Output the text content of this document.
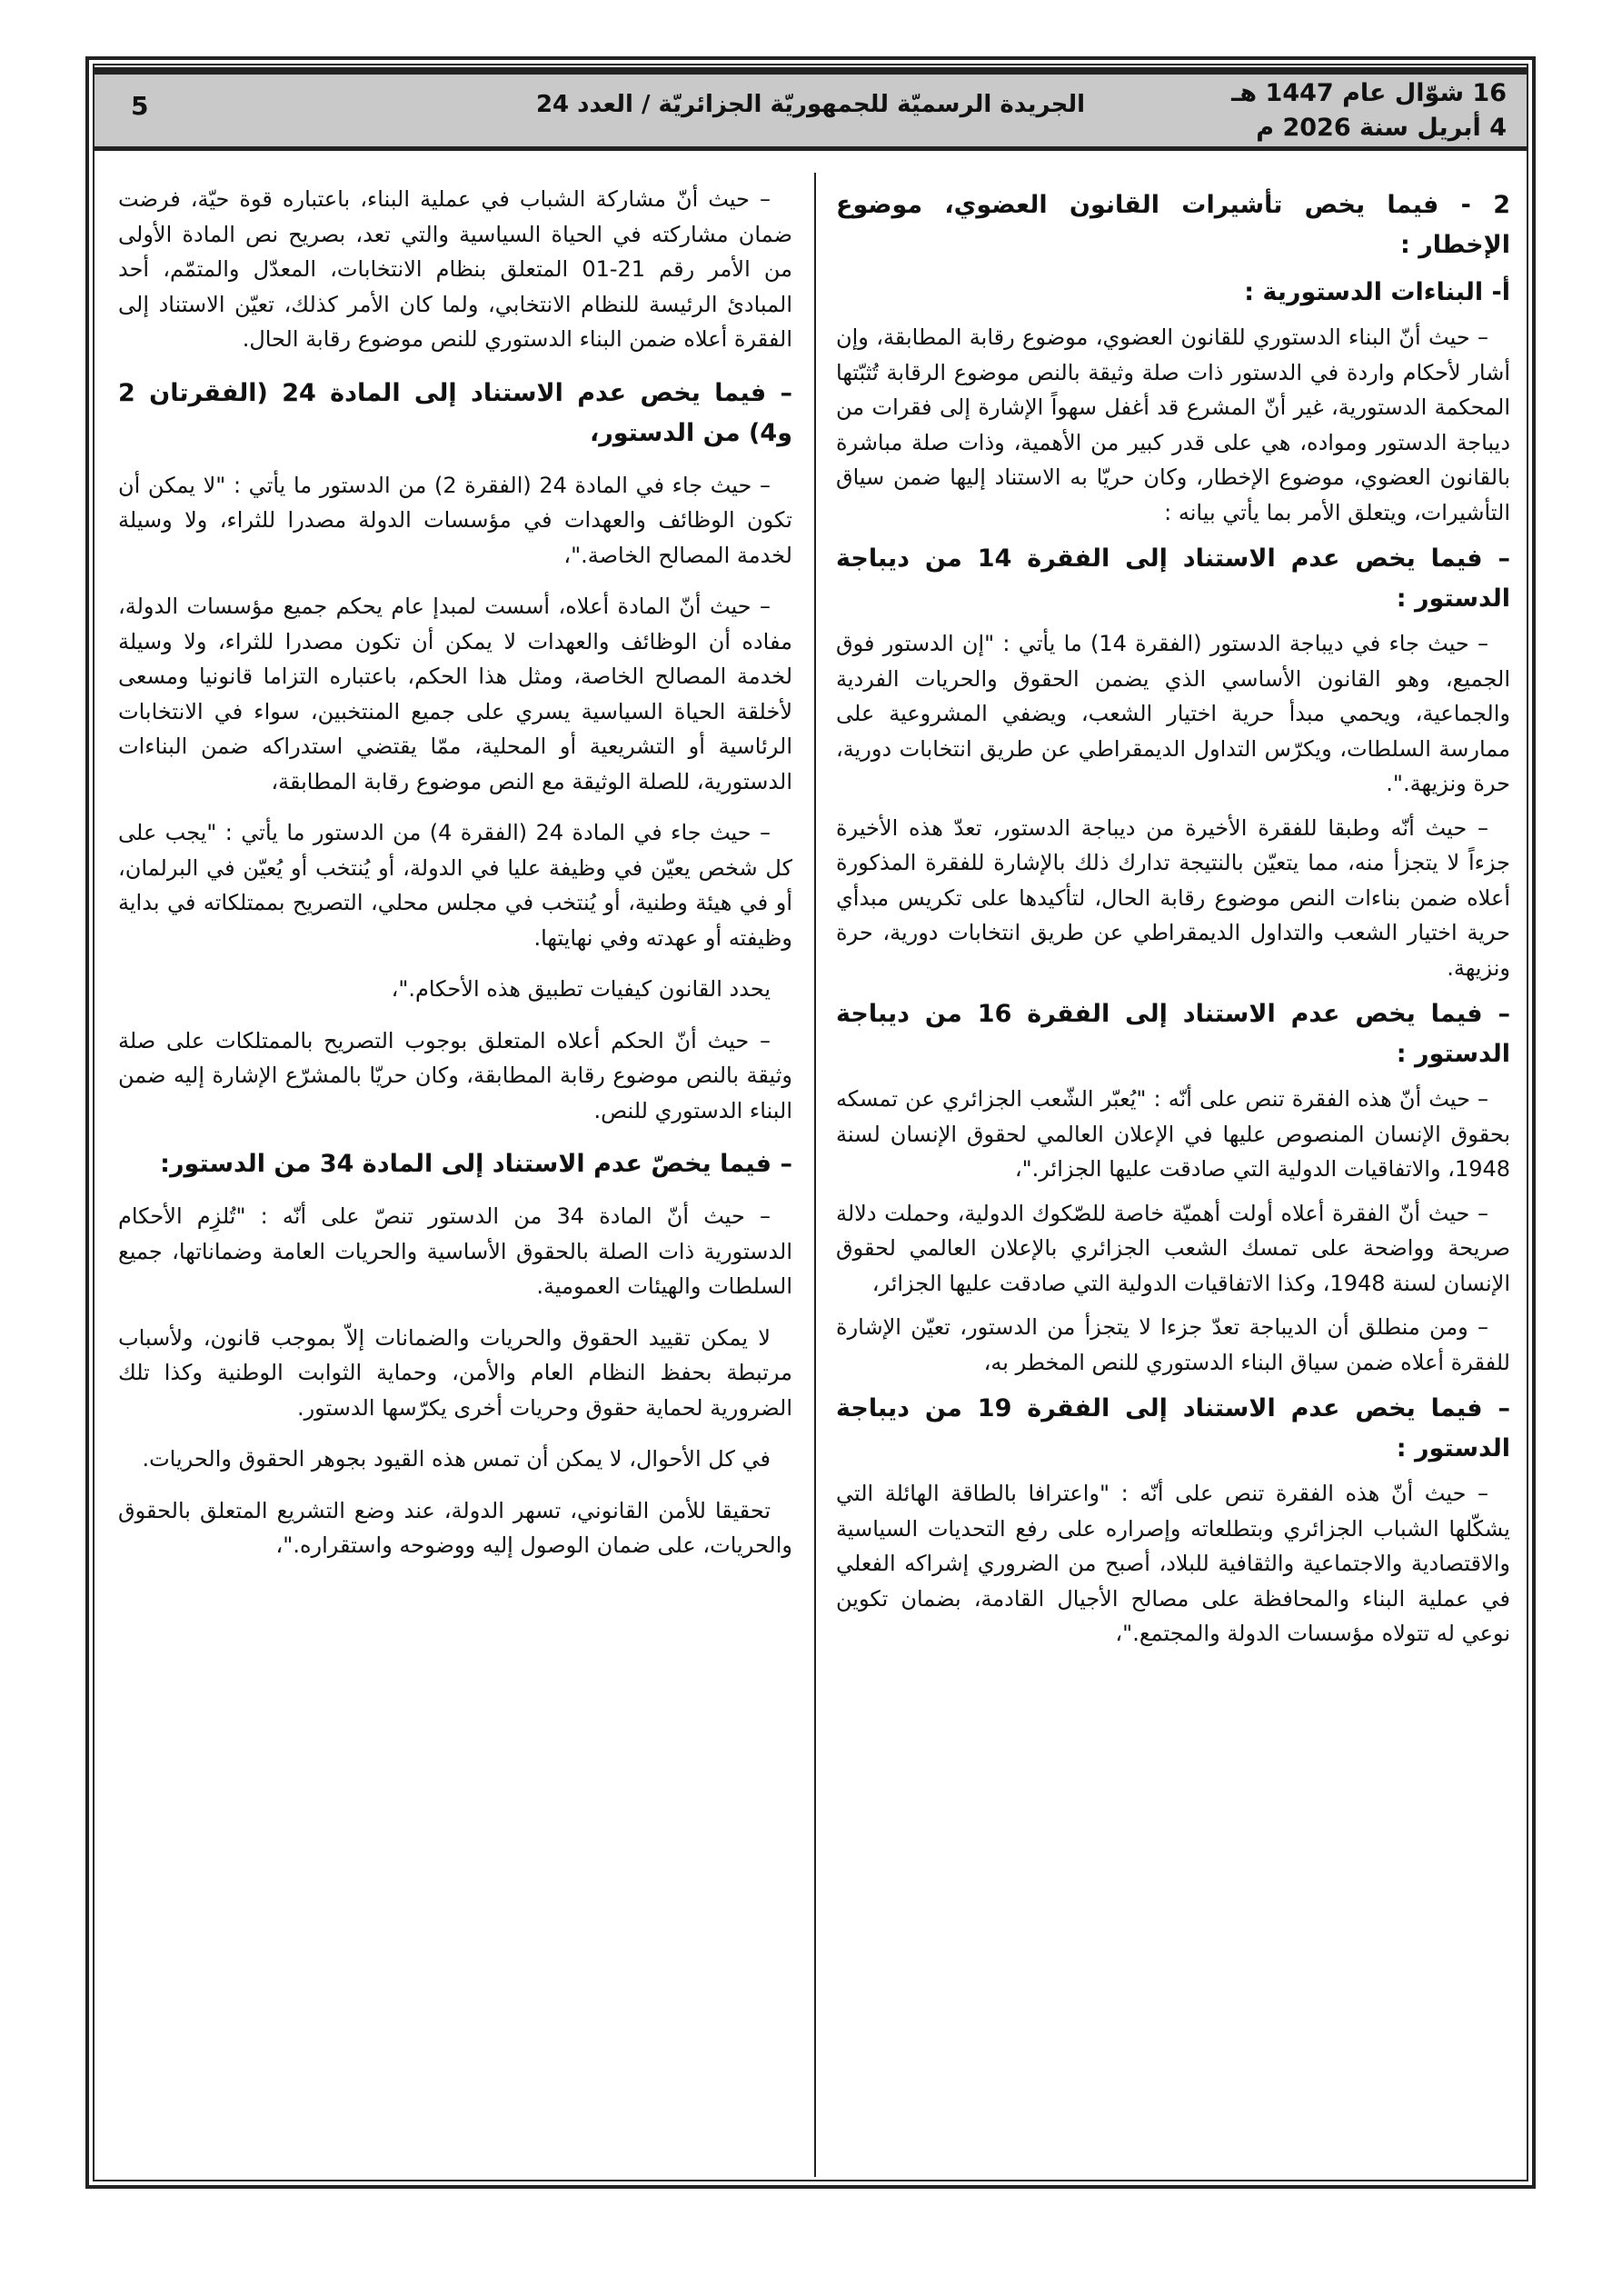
16 شوّال عام 1447 هـ
4 أبريل سنة 2026 م
الجريدة الرسميّة للجمهوريّة الجزائريّة / العدد 24
5
2 - فيما يخص تأشيرات القانون العضوي، موضوع الإخطار :
أ- البناءات الدستورية :
– حيث أنّ البناء الدستوري للقانون العضوي، موضوع رقابة المطابقة، وإن أشار لأحكام واردة في الدستور ذات صلة وثيقة بالنص موضوع الرقابة تُثبّتها المحكمة الدستورية، غير أنّ المشرع قد أغفل سهواً الإشارة إلى فقرات من ديباجة الدستور ومواده، هي على قدر كبير من الأهمية، وذات صلة مباشرة بالقانون العضوي، موضوع الإخطار، وكان حريّا به الاستناد إليها ضمن سياق التأشيرات، ويتعلق الأمر بما يأتي بيانه :
– فيما يخص عدم الاستناد إلى الفقرة 14 من ديباجة الدستور :
– حيث جاء في ديباجة الدستور (الفقرة 14) ما يأتي : "إن الدستور فوق الجميع، وهو القانون الأساسي الذي يضمن الحقوق والحريات الفردية والجماعية، ويحمي مبدأ حرية اختيار الشعب، ويضفي المشروعية على ممارسة السلطات، ويكرّس التداول الديمقراطي عن طريق انتخابات دورية، حرة ونزيهة.".
– حيث أنّه وطبقا للفقرة الأخيرة من ديباجة الدستور، تعدّ هذه الأخيرة جزءاً لا يتجزأ منه، مما يتعيّن بالنتيجة تدارك ذلك بالإشارة للفقرة المذكورة أعلاه ضمن بناءات النص موضوع رقابة الحال، لتأكيدها على تكريس مبدأي حرية اختيار الشعب والتداول الديمقراطي عن طريق انتخابات دورية، حرة ونزيهة.
– فيما يخص عدم الاستناد إلى الفقرة 16 من ديباجة الدستور :
– حيث أنّ هذه الفقرة تنص على أنّه : "يُعبّر الشّعب الجزائري عن تمسكه بحقوق الإنسان المنصوص عليها في الإعلان العالمي لحقوق الإنسان لسنة 1948، والاتفاقيات الدولية التي صادقت عليها الجزائر."،
– حيث أنّ الفقرة أعلاه أولت أهميّة خاصة للصّكوك الدولية، وحملت دلالة صريحة وواضحة على تمسك الشعب الجزائري بالإعلان العالمي لحقوق الإنسان لسنة 1948، وكذا الاتفاقيات الدولية التي صادقت عليها الجزائر،
– ومن منطلق أن الديباجة تعدّ جزءا لا يتجزأ من الدستور، تعيّن الإشارة للفقرة أعلاه ضمن سياق البناء الدستوري للنص المخطر به،
– فيما يخص عدم الاستناد إلى الفقرة 19 من ديباجة الدستور :
– حيث أنّ هذه الفقرة تنص على أنّه : "واعترافا بالطاقة الهائلة التي يشكّلها الشباب الجزائري وبتطلعاته وإصراره على رفع التحديات السياسية والاقتصادية والاجتماعية والثقافية للبلاد، أصبح من الضروري إشراكه الفعلي في عملية البناء والمحافظة على مصالح الأجيال القادمة، بضمان تكوين نوعي له تتولاه مؤسسات الدولة والمجتمع."،
– حيث أنّ مشاركة الشباب في عملية البناء، باعتباره قوة حيّة، فرضت ضمان مشاركته في الحياة السياسية والتي تعد، بصريح نص المادة الأولى من الأمر رقم 21-01 المتعلق بنظام الانتخابات، المعدّل والمتمّم، أحد المبادئ الرئيسة للنظام الانتخابي، ولما كان الأمر كذلك، تعيّن الاستناد إلى الفقرة أعلاه ضمن البناء الدستوري للنص موضوع رقابة الحال.
– فيما يخص عدم الاستناد إلى المادة 24 (الفقرتان 2 و4) من الدستور،
– حيث جاء في المادة 24 (الفقرة 2) من الدستور ما يأتي : "لا يمكن أن تكون الوظائف والعهدات في مؤسسات الدولة مصدرا للثراء، ولا وسيلة لخدمة المصالح الخاصة."،
– حيث أنّ المادة أعلاه، أسست لمبدإ عام يحكم جميع مؤسسات الدولة، مفاده أن الوظائف والعهدات لا يمكن أن تكون مصدرا للثراء، ولا وسيلة لخدمة المصالح الخاصة، ومثل هذا الحكم، باعتباره التزاما قانونيا ومسعى لأخلقة الحياة السياسية يسري على جميع المنتخبين، سواء في الانتخابات الرئاسية أو التشريعية أو المحلية، ممّا يقتضي استدراكه ضمن البناءات الدستورية، للصلة الوثيقة مع النص موضوع رقابة المطابقة،
– حيث جاء في المادة 24 (الفقرة 4) من الدستور ما يأتي : "يجب على كل شخص يعيّن في وظيفة عليا في الدولة، أو يُنتخب أو يُعيّن في البرلمان، أو في هيئة وطنية، أو يُنتخب في مجلس محلي، التصريح بممتلكاته في بداية وظيفته أو عهدته وفي نهايتها.
يحدد القانون كيفيات تطبيق هذه الأحكام."،
– حيث أنّ الحكم أعلاه المتعلق بوجوب التصريح بالممتلكات على صلة وثيقة بالنص موضوع رقابة المطابقة، وكان حريّا بالمشرّع الإشارة إليه ضمن البناء الدستوري للنص.
– فيما يخصّ عدم الاستناد إلى المادة 34 من الدستور:
– حيث أنّ المادة 34 من الدستور تنصّ على أنّه : "تُلزِم الأحكام الدستورية ذات الصلة بالحقوق الأساسية والحريات العامة وضماناتها، جميع السلطات والهيئات العمومية.
لا يمكن تقييد الحقوق والحريات والضمانات إلاّ بموجب قانون، ولأسباب مرتبطة بحفظ النظام العام والأمن، وحماية الثوابت الوطنية وكذا تلك الضرورية لحماية حقوق وحريات أخرى يكرّسها الدستور.
في كل الأحوال، لا يمكن أن تمس هذه القيود بجوهر الحقوق والحريات.
تحقيقا للأمن القانوني، تسهر الدولة، عند وضع التشريع المتعلق بالحقوق والحريات، على ضمان الوصول إليه ووضوحه واستقراره."،
